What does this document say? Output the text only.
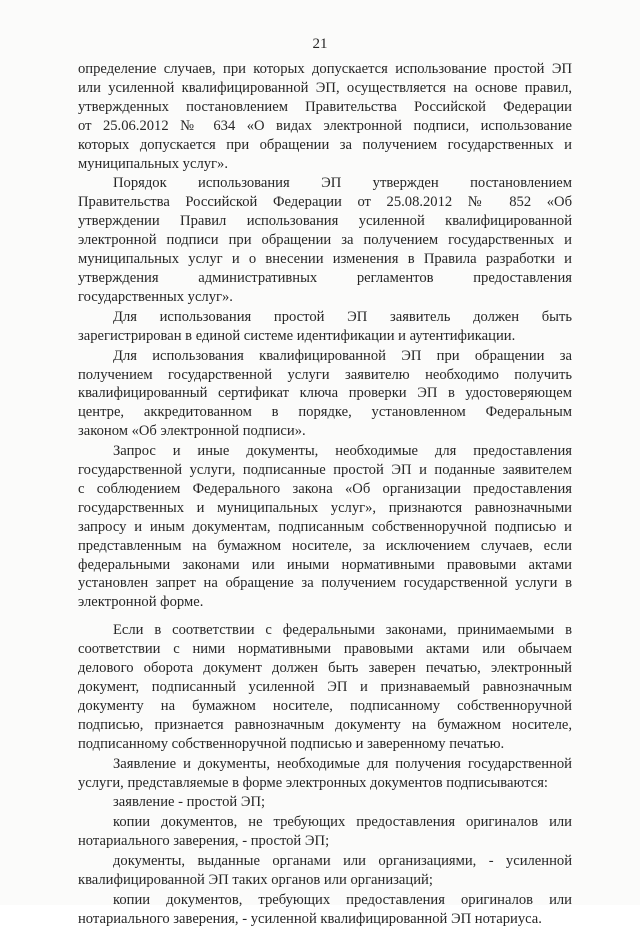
21
определение случаев, при которых допускается использование простой ЭП
или усиленной квалифицированной ЭП, осуществляется на основе правил,
утвержденных постановлением Правительства Российской Федерации
от 25.06.2012 № 634 «О видах электронной подписи, использование
которых допускается при обращении за получением государственных и
муниципальных услуг».
Порядок использования ЭП утвержден постановлением
Правительства Российской Федерации от 25.08.2012 № 852 «Об
утверждении Правил использования усиленной квалифицированной
электронной подписи при обращении за получением государственных и
муниципальных услуг и о внесении изменения в Правила разработки и
утверждения административных регламентов предоставления
государственных услуг».
Для использования простой ЭП заявитель должен быть
зарегистрирован в единой системе идентификации и аутентификации.
Для использования квалифицированной ЭП при обращении за
получением государственной услуги заявителю необходимо получить
квалифицированный сертификат ключа проверки ЭП в удостоверяющем
центре, аккредитованном в порядке, установленном Федеральным
законом «Об электронной подписи».
Запрос и иные документы, необходимые для предоставления
государственной услуги, подписанные простой ЭП и поданные заявителем
с соблюдением Федерального закона «Об организации предоставления
государственных и муниципальных услуг», признаются равнозначными
запросу и иным документам, подписанным собственноручной подписью и
представленным на бумажном носителе, за исключением случаев, если
федеральными законами или иными нормативными правовыми актами
установлен запрет на обращение за получением государственной услуги в
электронной форме.
Если в соответствии с федеральными законами, принимаемыми в
соответствии с ними нормативными правовыми актами или обычаем
делового оборота документ должен быть заверен печатью, электронный
документ, подписанный усиленной ЭП и признаваемый равнозначным
документу на бумажном носителе, подписанному собственноручной
подписью, признается равнозначным документу на бумажном носителе,
подписанному собственноручной подписью и заверенному печатью.
Заявление и документы, необходимые для получения государственной
услуги, представляемые в форме электронных документов подписываются:
заявление - простой ЭП;
копии документов, не требующих предоставления оригиналов или
нотариального заверения, - простой ЭП;
документы, выданные органами или организациями, - усиленной
квалифицированной ЭП таких органов или организаций;
копии документов, требующих предоставления оригиналов или
нотариального заверения, - усиленной квалифицированной ЭП нотариуса.
